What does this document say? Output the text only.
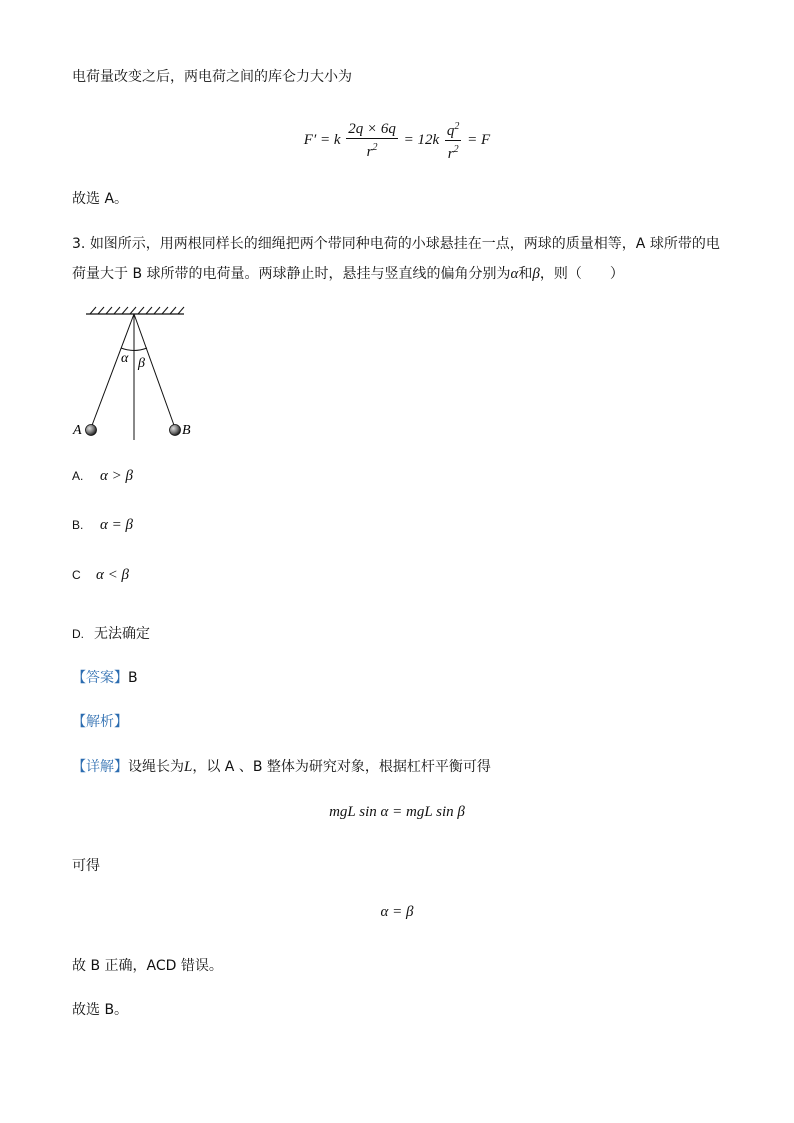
电荷量改变之后，两电荷之间的库仑力大小为
F′ = k $\frac{2q \times 6q}{r^2} = 12k \frac{q^2}{r^2} = F$
故选 A。
3. 如图所示，用两根同样长的细绳把两个带同种电荷的小球悬挂在一点，两球的质量相等，A 球所带的电
荷量大于 B 球所带的电荷量。两球静止时，悬挂与竖直线的偏角分别为α和β，则（　　）
α β
A	B
A. α > β
B. α = β
C α < β
D. 无法确定
【答案】B
【解析】
【详解】设绳长为L，以 A 、B 整体为研究对象，根据杠杆平衡可得
mgL sin α = mgL sin β
可得
α = β
故 B 正确，ACD 错误。
故选 B。
